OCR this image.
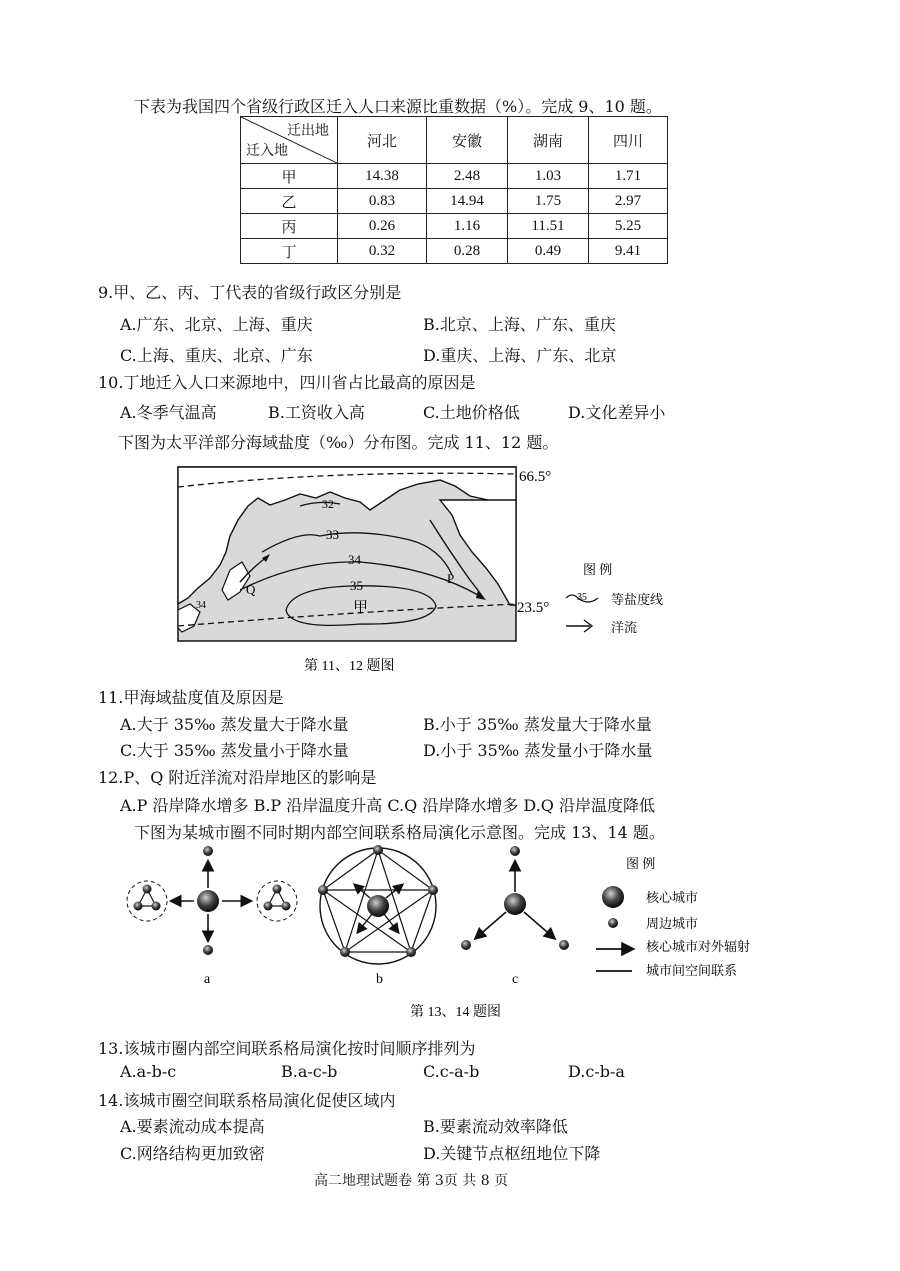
下表为我国四个省级行政区迁入人口来源比重数据（%）。完成 9、10 题。
迁出地
迁入地	河北	安徽	湖南	四川
甲	14.38	2.48	1.03	1.71
乙	0.83	14.94	1.75	2.97
丙	0.26	1.16	11.51	5.25
丁	0.32	0.28	0.49	9.41
9.甲、乙、丙、丁代表的省级行政区分别是
A.广东、北京、上海、重庆	B.北京、上海、广东、重庆
C.上海、重庆、北京、广东	D.重庆、上海、广东、北京
10.丁地迁入人口来源地中，四川省占比最高的原因是
A.冬季气温高	B.工资收入高	C.土地价格低	D.文化差异小
下图为太平洋部分海域盐度（‰）分布图。完成 11、12 题。
66.5°
23.5°
32
33
34
35
甲
P
Q
34
图 例
35 等盐度线
洋流
第 11、12 题图
11.甲海域盐度值及原因是
A.大于 35‰ 蒸发量大于降水量	B.小于 35‰ 蒸发量大于降水量
C.大于 35‰ 蒸发量小于降水量	D.小于 35‰ 蒸发量小于降水量
12.P、Q 附近洋流对沿岸地区的影响是
A.P 沿岸降水增多 B.P 沿岸温度升高 C.Q 沿岸降水增多 D.Q 沿岸温度降低
下图为某城市圈不同时期内部空间联系格局演化示意图。完成 13、14 题。
a	b	c
图 例
核心城市
周边城市
核心城市对外辐射
城市间空间联系
第 13、14 题图
13.该城市圈内部空间联系格局演化按时间顺序排列为
A.a-b-c	B.a-c-b	C.c-a-b	D.c-b-a
14.该城市圈空间联系格局演化促使区域内
A.要素流动成本提高	B.要素流动效率降低
C.网络结构更加致密	D.关键节点枢纽地位下降
高二地理试题卷 第 3页 共 8 页
